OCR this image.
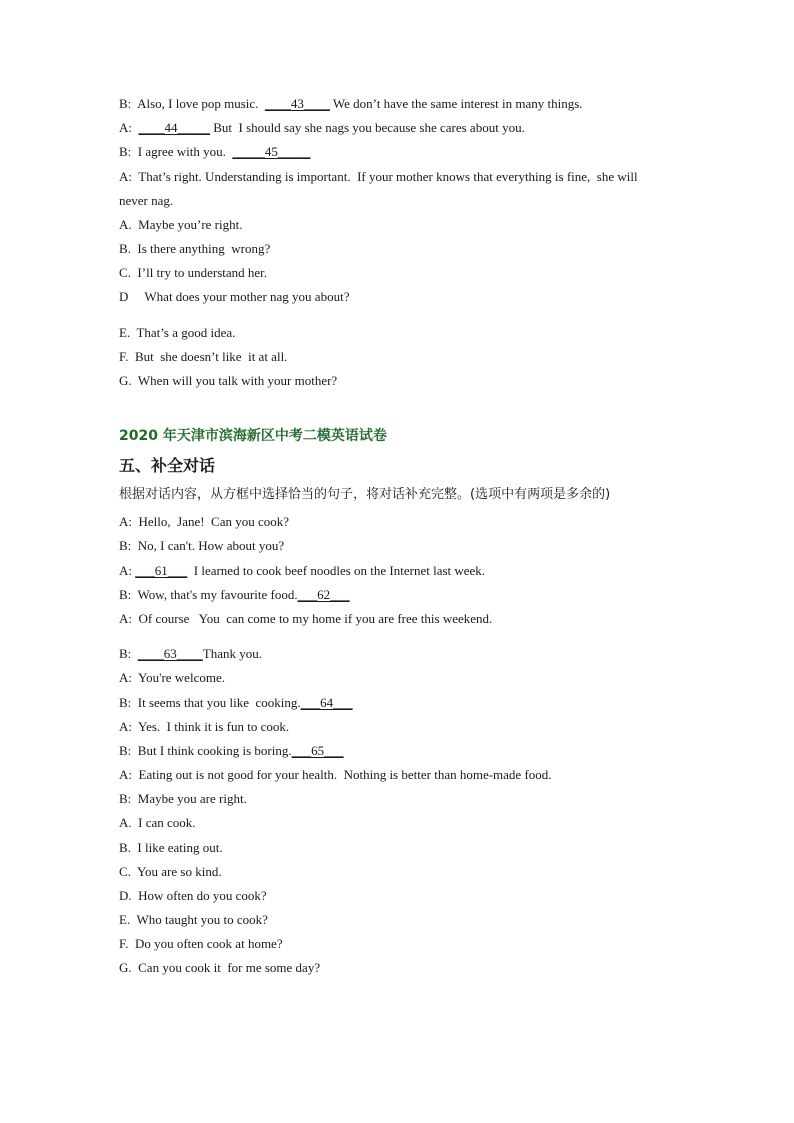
B:  Also, I love pop music.  ____43____ We don’t have the same interest in many things.
A:  ____44_____ But  I should say she nags you because she cares about you.
B:  I agree with you.  _____45_____
A:  That’s right. Understanding is important.  If your mother knows that everything is fine,  she will
never nag.
A.  Maybe you’re right.
B.  Is there anything  wrong?
C.  I’ll try to understand her.
D     What does your mother nag you about?
E.  That’s a good idea.
F.  But  she doesn’t like  it at all.
G.  When will you talk with your mother?
2020 年天津市滨海新区中考二模英语试卷
五、补全对话
根据对话内容，从方框中选择恰当的句子，将对话补充完整。(选项中有两项是多余的)
A:  Hello,  Jane!  Can you cook?
B:  No, I can't. How about you?
A: ___61___  I learned to cook beef noodles on the Internet last week.
B:  Wow, that's my favourite food.___62___
A:  Of course   You  can come to my home if you are free this weekend.
B:  ____63____Thank you.
A:  You're welcome.
B:  It seems that you like  cooking.___64___
A:  Yes.  I think it is fun to cook.
B:  But I think cooking is boring.___65___
A:  Eating out is not good for your health.  Nothing is better than home-made food.
B:  Maybe you are right.
A.  I can cook.
B.  I like eating out.
C.  You are so kind.
D.  How often do you cook?
E.  Who taught you to cook?
F.  Do you often cook at home?
G.  Can you cook it  for me some day?
